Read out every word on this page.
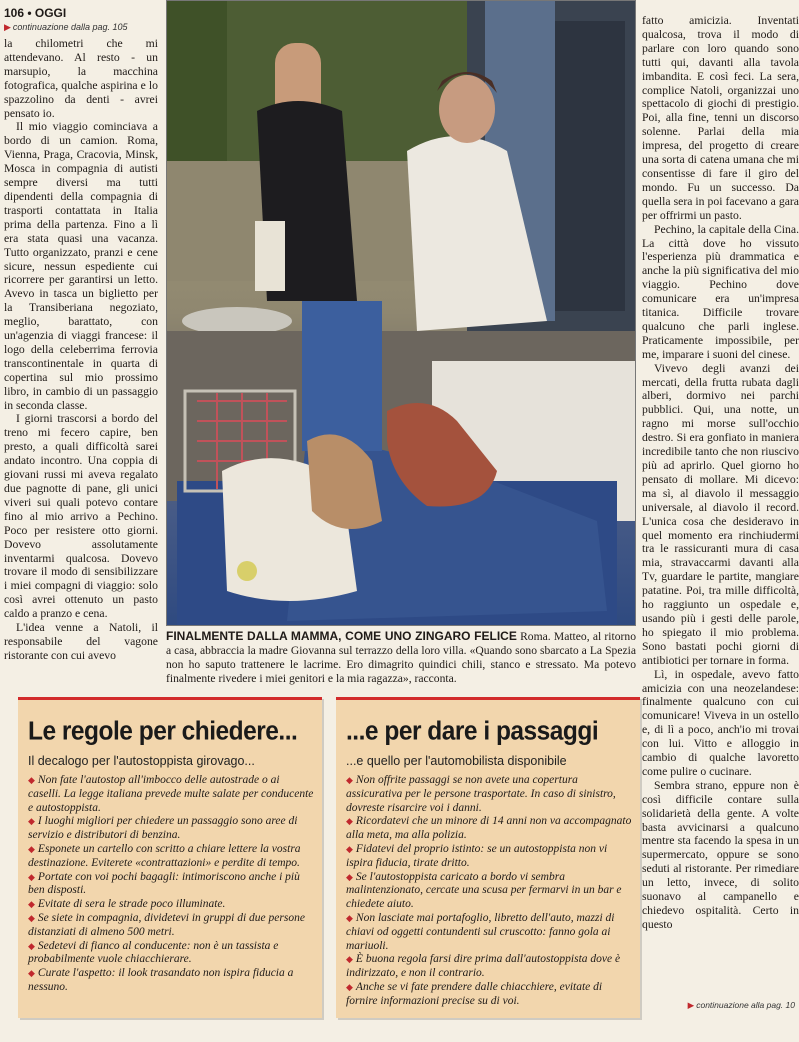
106 • OGGI
▶ continuazione dalla pag. 105

la chilometri che mi attendevano. Al resto - un marsupio, la macchina fotografica, qualche aspirina e lo spazzolino da denti - avrei pensato io.

Il mio viaggio cominciava a bordo di un camion. Roma, Vienna, Praga, Cracovia, Minsk, Mosca in compagnia di autisti sempre diversi ma tutti dipendenti della compagnia di trasporti contattata in Italia prima della partenza. Fino a lì era stata quasi una vacanza. Tutto organizzato, pranzi e cene sicure, nessun espediente cui ricorrere per garantirsi un letto. Avevo in tasca un biglietto per la Transiberiana negoziato, meglio, barattato, con un'agenzia di viaggi francese: il logo della celeberrima ferrovia transcontinentale in quarta di copertina sul mio prossimo libro, in cambio di un passaggio in seconda classe.

I giorni trascorsi a bordo del treno mi fecero capire, ben presto, a quali difficoltà sarei andato incontro. Una coppia di giovani russi mi aveva regalato due pagnotte di pane, gli unici viveri sui quali potevo contare fino al mio arrivo a Pechino. Poco per resistere otto giorni. Dovevo assolutamente inventarmi qualcosa. Dovevo trovare il modo di sensibilizzare i miei compagni di viaggio: solo così avrei ottenuto un pasto caldo a pranzo e cena.

L'idea venne a Natoli, il responsabile del vagone ristorante con cui avevo

FINALMENTE DALLA MAMMA, COME UNO ZINGARO FELICE Roma. Matteo, al ritorno a casa, abbraccia la madre Giovanna sul terrazzo della loro villa. «Quando sono sbarcato a La Spezia non ho saputo trattenere le lacrime. Ero dimagrito quindici chili, stanco e stressato. Ma potevo finalmente rivedere i miei genitori e la mia ragazza», racconta.

fatto amicizia. Inventati qualcosa, trova il modo di parlare con loro quando sono tutti qui, davanti alla tavola imbandita. E così feci. La sera, complice Natoli, organizzai uno spettacolo di giochi di prestigio. Poi, alla fine, tenni un discorso solenne. Parlai della mia impresa, del progetto di creare una sorta di catena umana che mi consentisse di fare il giro del mondo. Fu un successo. Da quella sera in poi facevano a gara per offrirmi un pasto.

Pechino, la capitale della Cina. La città dove ho vissuto l'esperienza più drammatica e anche la più significativa del mio viaggio. Pechino dove comunicare era un'impresa titanica. Difficile trovare qualcuno che parli inglese. Praticamente impossibile, per me, imparare i suoni del cinese.

Vivevo degli avanzi dei mercati, della frutta rubata dagli alberi, dormivo nei parchi pubblici. Qui, una notte, un ragno mi morse sull'occhio destro. Si era gonfiato in maniera incredibile tanto che non riuscivo più ad aprirlo. Quel giorno ho pensato di mollare. Mi dicevo: ma sì, al diavolo il messaggio universale, al diavolo il record. L'unica cosa che desideravo in quel momento era rinchiudermi tra le rassicuranti mura di casa mia, stravaccarmi davanti alla Tv, guardare le partite, mangiare patatine. Poi, tra mille difficoltà, ho raggiunto un ospedale e, usando più i gesti delle parole, ho spiegato il mio problema. Sono bastati pochi giorni di antibiotici per tornare in forma.

Lì, in ospedale, avevo fatto amicizia con una neozelandese: finalmente qualcuno con cui comunicare! Viveva in un ostello e, di lì a poco, anch'io mi trovai con lui. Vitto e alloggio in cambio di qualche lavoretto come pulire o cucinare.

Sembra strano, eppure non è così difficile contare sulla solidarietà della gente. A volte basta avvicinarsi a qualcuno mentre sta facendo la spesa in un supermercato, oppure se sono seduti al ristorante. Per rimediare un letto, invece, di solito suonavo al campanello e chiedevo ospitalità. Certo in questo

Le regole per chiedere...
Il decalogo per l'autostoppista girovago...
◆ Non fate l'autostop all'imbocco delle autostrade o ai caselli. La legge italiana prevede multe salate per conducente e autostoppista.
◆ I luoghi migliori per chiedere un passaggio sono aree di servizio e distributori di benzina.
◆ Esponete un cartello con scritto a chiare lettere la vostra destinazione. Eviterete «contrattazioni» e perdite di tempo.
◆ Portate con voi pochi bagagli: intimoriscono anche i più ben disposti.
◆ Evitate di sera le strade poco illuminate.
◆ Se siete in compagnia, dividetevi in gruppi di due persone distanziati di almeno 500 metri.
◆ Sedetevi di fianco al conducente: non è un tassista e probabilmente vuole chiacchierare.
◆ Curate l'aspetto: il look trasandato non ispira fiducia a nessuno.
...e per dare i passaggi
...e quello per l'automobilista disponibile
◆ Non offrite passaggi se non avete una copertura assicurativa per le persone trasportate. In caso di sinistro, dovreste risarcire voi i danni.
◆ Ricordatevi che un minore di 14 anni non va accompagnato alla meta, ma alla polizia.
◆ Fidatevi del proprio istinto: se un autostoppista non vi ispira fiducia, tirate dritto.
◆ Se l'autostoppista caricato a bordo vi sembra malintenzionato, cercate una scusa per fermarvi in un bar e chiedete aiuto.
◆ Non lasciate mai portafoglio, libretto dell'auto, mazzi di chiavi od oggetti contundenti sul cruscotto: fanno gola ai mariuoli.
◆ È buona regola farsi dire prima dall'autostoppista dove è indirizzato, e non il contrario.
◆ Anche se vi fate prendere dalle chiacchiere, evitate di fornire informazioni precise su di voi.	▶ continuazione alla pag. 10
